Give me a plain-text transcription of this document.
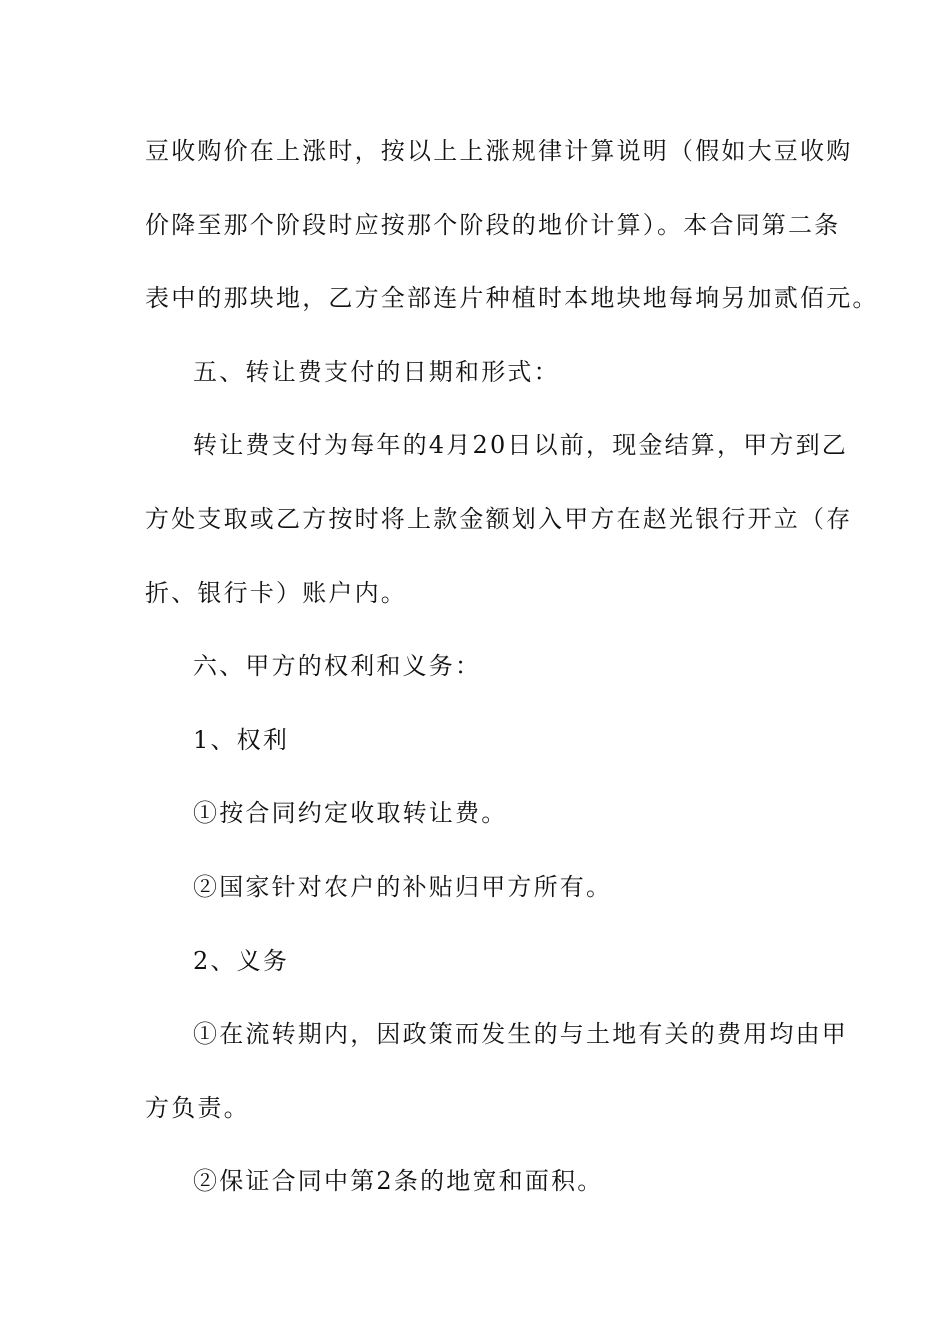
豆收购价在上涨时，按以上上涨规律计算说明（假如大豆收购
价降至那个阶段时应按那个阶段的地价计算）。本合同第二条
表中的那块地，乙方全部连片种植时本地块地每垧另加贰佰元。
五、转让费支付的日期和形式：
转让费支付为每年的4月20日以前，现金结算，甲方到乙
方处支取或乙方按时将上款金额划入甲方在赵光银行开立（存
折、银行卡）账户内。
六、甲方的权利和义务：
1、权利
①按合同约定收取转让费。
②国家针对农户的补贴归甲方所有。
2、义务
①在流转期内，因政策而发生的与土地有关的费用均由甲
方负责。
②保证合同中第2条的地宽和面积。
